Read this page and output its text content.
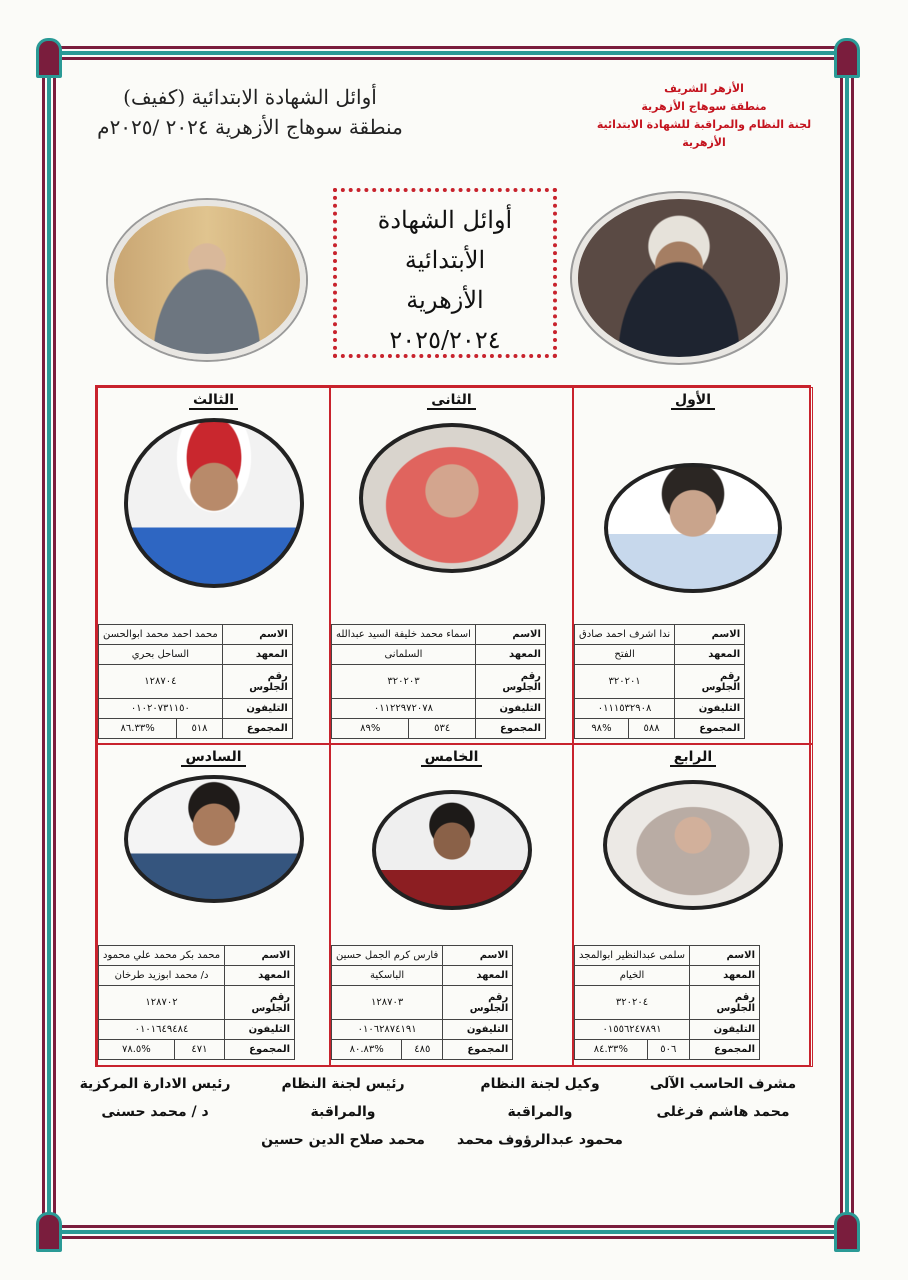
أوائل الشهادة الابتدائية (كفيف)
منطقة سوهاج الأزهرية ٢٠٢٤ /٢٠٢٥م
الأزهر الشريف
منطقة سوهاج الأزهرية
لجنة النظام والمراقبة للشهادة الابتدائية الأزهرية
أوائل الشهادة
الأبتدائية
الأزهرية
٢٠٢٥/٢٠٢٤
الأول
الاسم	ندا اشرف احمد صادق	
المعهد	الفتح	
رقم الجلوس	٣٢٠٢٠١	
التليفون	٠١١١٥٣٢٩٠٨	
المجموع	٥٨٨	%٩٨
الثانى
الاسم	اسماء محمد خليفة السيد عبدالله	
المعهد	السلمانى	
رقم الجلوس	٣٢٠٢٠٣	
التليفون	٠١١٢٢٩٧٢٠٧٨	
المجموع	٥٣٤	%٨٩
الثالث
الاسم	محمد احمد محمد ابوالحسن	
المعهد	الساحل بحري	
رقم الجلوس	١٢٨٧٠٤	
التليفون	٠١٠٢٠٧٣١١٥٠	
المجموع	٥١٨	%٨٦.٣٣
الرابع
الاسم	سلمى عبدالنظير ابوالمجد	
المعهد	الخيام	
رقم الجلوس	٣٢٠٢٠٤	
التليفون	٠١٥٥٦٢٤٧٨٩١	
المجموع	٥٠٦	%٨٤.٣٣
الخامس
الاسم	فارس كرم الجمل حسين	
المعهد	الباسكية	
رقم الجلوس	١٢٨٧٠٣	
التليفون	٠١٠٦٢٨٧٤١٩١	
المجموع	٤٨٥	%٨٠.٨٣
السادس
الاسم	محمد بكر محمد علي محمود	
المعهد	د/ محمد ابوزيد طرخان	
رقم الجلوس	١٢٨٧٠٢	
التليفون	٠١٠١٦٤٩٤٨٤	
المجموع	٤٧١	%٧٨.٥
مشرف الحاسب الآلى
محمد هاشم فرغلى
وكيل لجنة النظام والمراقبة
محمود عبدالرؤوف محمد
رئيس لجنة النظام والمراقبة
محمد صلاح الدين حسين
رئيس الادارة المركزية
د / محمد حسنى
